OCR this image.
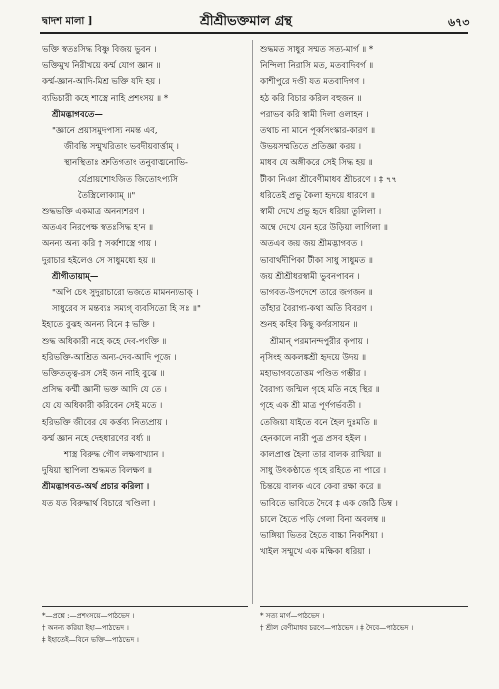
দ্বাদশ মালা ]	শ্রীশ্রীভক্তমাল গ্রন্থ	৬৭৩
ভক্তি স্বতঃসিদ্ধ বিষ্ণু বিজয় ভুবন ।
ভক্তিমুখ নিরীখয়ে কর্ম্ম যোগ জ্ঞান ॥
কর্ম্ম-জ্ঞান-আদি-মিশ্র ভক্তি যদি হয় ।
ব্যভিচারী কহে শাস্ত্রে নাহি প্রশংসয় ॥ *
শ্রীমদ্ভাগবতে—
"জ্ঞানে প্রয়াসমুদপাস্য নমন্ত এব,
জীবন্তি সন্মুখরিতাং ভবদীয়বার্ত্তাম্ ।
স্থানস্থিতাঃ শ্রুতিগতাং তনুবাঙ্মনোভি-
র্যেপ্রায়শোঽজিত জিতোঽপ্যসি
তৈস্ত্রিলোক্যাম্ ॥"
শুদ্ধভক্তি একমাত্র অনন্যশরণ ।
অতএব নিরপেক্ষ স্বতঃসিদ্ধ হ'ন ॥
অনন্য অন্য করি † সর্ব্বশাস্ত্রে গায় ।
দুরাচার হইলেও সে সাধুমধ্যে হয় ॥
শ্রীগীতায়াম্—
"অপি চেৎ সুদুরাচারো ভজতে মামনন্যভাক্ ।
সাধুরেব স মন্তব্যঃ সম্যগ্ ব্যবসিতো হি সঃ ॥"
ইহাতে বুঝহ অনন্য বিনে ‡ ভক্তি ।
শুদ্ধ অধিকারী নহে কহে দেব-পংক্তি ॥
হরিভক্তি-আশ্রিত অন্য-দেব-আদি পূজে ।
ভক্তিতত্ত্ব-রস সেই জন নাহি বুঝে ॥
প্রসিদ্ধ কর্ম্মী জ্ঞানী ভক্ত আদি যে তে ।
যে যে অধিকারী করিবেন সেই মতে ।
হরিভক্তি জীবের যে কর্ত্তব্য নিত্যপ্রায় ।
কর্ম্ম জ্ঞান নহে দেহধারণের বর্ধ্য ॥
শাস্ত্র বিরুদ্ধ গৌণ লক্ষণাখ্যান ।
দুষিয়া স্থাপিলা শুদ্ধমত বিলক্ষণ ॥
শ্রীমদ্ভাগবত-অর্থ প্রচার করিলা ।
যত যত বিরুদ্ধার্থ বিচারে খণ্ডিলা ।
শুদ্ধমত সাধুর সম্মত সত্য-মার্গ ॥ *
নিন্দিলা নিরাসি মত, মতবাদিবর্গ ॥
কাশীপুরে দণ্ডী যত মতবাদিগণ ।
হঠ করি বিচার করিল বহুজন ॥
পরাভব করি স্বামী দিলা ওলাহন ।
তথাচ না মানে পূর্ব্বসংস্কার-কারণ ॥
উভয়সম্মতিতে প্রতিজ্ঞা করয় ।
মাধব যে অঙ্গীকরে সেই সিদ্ধ হয় ॥
টীকা নিঞা শ্রীবেণীমাধব শ্রীচরণে । ‡ ৭৭
ধরিতেই প্রভু কৈলা হৃদয়ে ধারণে ॥
স্বামী দেখে প্রভু হৃদে ধরিয়া তুলিলা ।
অম্বে দেখে যেন হরে উড়িয়া লাগিলা ॥
অতএব জয় জয় শ্রীমদ্ভাগবত ।
ভাবার্থদীপিকা টীকা সাধু সাধুমত ॥
জয় শ্রীশ্রীধরস্বামী ভুবনপাবন ।
ভাগবত-উপদেশে তারে জগজন ॥
তাঁহার বৈরাগ্য-কথা অতি বিবরণ ।
শুনহ কহিব কিছু কর্ণরসায়ন ॥
শ্রীমান্ পরমানন্দপুরীর কৃপায় ।
নৃসিংহ অকলঙ্কশ্রী হৃদয়ে উদয় ॥
মহাভাগবতোত্তম পণ্ডিত গম্ভীর ।
বৈরাগ্য জন্মিল গৃহে মতি নহে স্থির ॥
গৃহে এক শ্রী মাত্র পূর্ণগর্ভবতী ।
তেজিয়া যাইতে বনে হৈল দুঃমতি ॥
হেনকালে নারী পুত্র প্রসব হইল ।
কালপ্রাপ্ত হৈলা তার বালক রাখিয়া ॥
সাধু উৎকণ্ঠাতে গৃহে রহিতে না পারে ।
চিন্তয়ে বালক এবে কেবা রক্ষা করে ॥
ভাবিতে ভাবিতে দৈবে ‡ এক জেঠি ডিম্ব ।
চালে হৈতে পড়ি গেলা বিনা অবলম্ব ॥
ভাঙ্গিয়া ভিতর হৈতে বাচ্চা নিকশিয়া ।
খাইল সম্মুখে এক মক্ষিকা ধরিয়া ।
*—প্রশ্নে :—প্রশংসয়ে—পাঠভেদ ।
† অনন্য করিয়া ইহা—পাঠভেদ ।
‡ ইহাতেই—বিনে ভক্তি—পাঠভেদ ।
* সত্য মার্গ—পাঠভেদ ।
† শ্রীল বেণীমাধব চরণে—পাঠভেদ । ‡ দৈবে—পাঠভেদ ।
